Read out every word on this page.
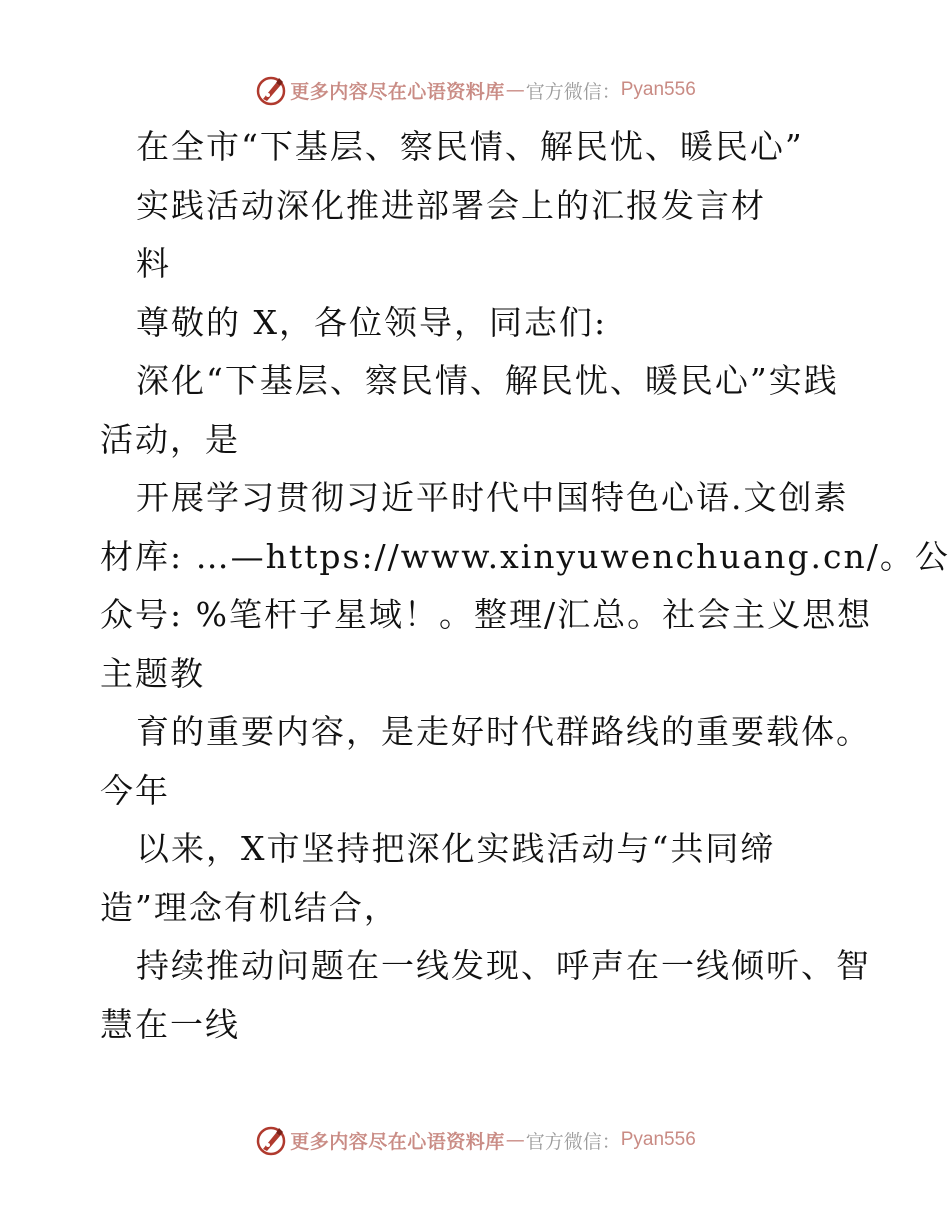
更多内容尽在心语资料库 — 官方微信： Pyan556
在全市“下基层、察民情、解民忧、暖民心”
实践活动深化推进部署会上的汇报发言材
料
尊敬的 X，各位领导，同志们:
深化“下基层、察民情、解民忧、暖民心”实践
活动，是
开展学习贯彻习近平时代中国特色心语.文创素
材库: …—https://www.xinyuwenchuang.cn/。公
众号: %笔杆子星域！。整理/汇总。社会主义思想
主题教
育的重要内容，是走好时代群路线的重要载体。
今年
以来，X市坚持把深化实践活动与“共同缔
造”理念有机结合，
持续推动问题在一线发现、呼声在一线倾听、智
慧在一线
更多内容尽在心语资料库 — 官方微信： Pyan556
